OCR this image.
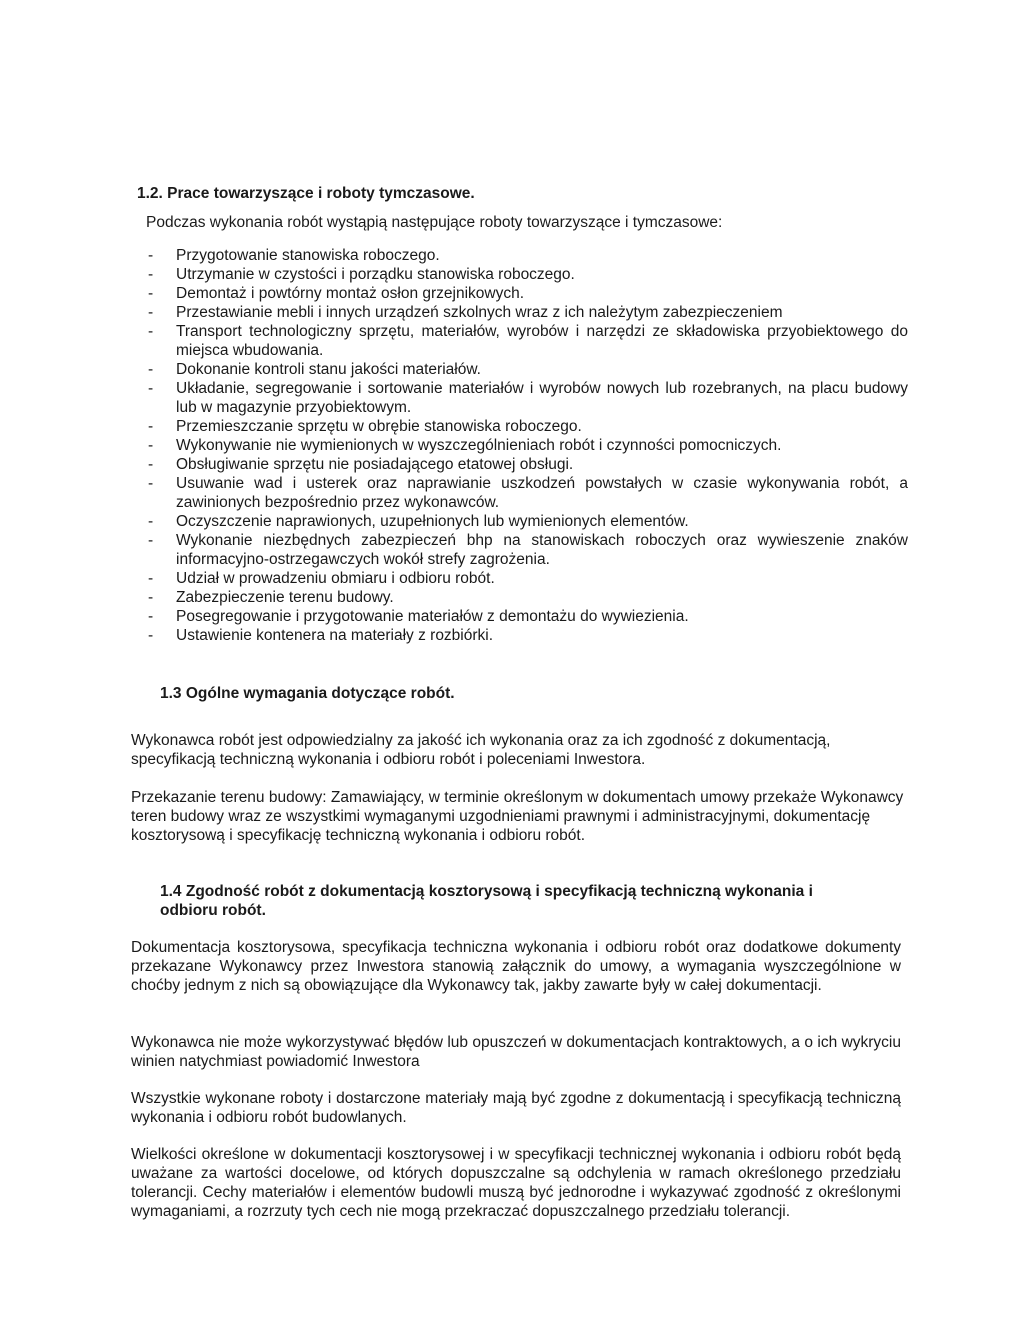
1.2. Prace towarzyszące i roboty tymczasowe.
Podczas wykonania robót wystąpią następujące roboty towarzyszące i tymczasowe:
- Przygotowanie stanowiska roboczego.
- Utrzymanie w czystości i porządku stanowiska roboczego.
- Demontaż i powtórny montaż osłon grzejnikowych.
- Przestawianie mebli i innych urządzeń szkolnych wraz z ich należytym zabezpieczeniem
- Transport technologiczny sprzętu, materiałów, wyrobów i narzędzi ze składowiska przyobiektowego do miejsca wbudowania.
- Dokonanie kontroli stanu jakości materiałów.
- Układanie, segregowanie i sortowanie materiałów i wyrobów nowych lub rozebranych, na placu budowy lub w magazynie przyobiektowym.
- Przemieszczanie sprzętu w obrębie stanowiska roboczego.
- Wykonywanie nie wymienionych w wyszczególnieniach robót i czynności pomocniczych.
- Obsługiwanie sprzętu nie posiadającego etatowej obsługi.
- Usuwanie wad i usterek oraz naprawianie uszkodzeń powstałych w czasie wykonywania robót, a zawinionych bezpośrednio przez wykonawców.
- Oczyszczenie naprawionych, uzupełnionych lub wymienionych elementów.
- Wykonanie niezbędnych zabezpieczeń bhp na stanowiskach roboczych oraz wywieszenie znaków informacyjno-ostrzegawczych wokół strefy zagrożenia.
- Udział w prowadzeniu obmiaru i odbioru robót.
- Zabezpieczenie terenu budowy.
- Posegregowanie i przygotowanie materiałów z demontażu do wywiezienia.
- Ustawienie kontenera na materiały z rozbiórki.
1.3 Ogólne wymagania dotyczące robót.

Wykonawca robót jest odpowiedzialny za jakość ich wykonania oraz za ich zgodność z dokumentacją, specyfikacją techniczną wykonania i odbioru robót i poleceniami Inwestora.

Przekazanie terenu budowy: Zamawiający, w terminie określonym w dokumentach umowy przekaże Wykonawcy teren budowy wraz ze wszystkimi wymaganymi uzgodnieniami prawnymi i administracyjnymi, dokumentację kosztorysową i specyfikację techniczną wykonania i odbioru robót.

1.4 Zgodność robót z dokumentacją kosztorysową i specyfikacją techniczną wykonania i
odbioru robót.

Dokumentacja kosztorysowa, specyfikacja techniczna wykonania i odbioru robót oraz dodatkowe dokumenty przekazane Wykonawcy przez Inwestora stanowią załącznik do umowy, a wymagania wyszczególnione w choćby jednym z nich są obowiązujące dla Wykonawcy tak, jakby zawarte były w całej dokumentacji.

Wykonawca nie może wykorzystywać błędów lub opuszczeń w dokumentacjach kontraktowych, a o ich wykryciu winien natychmiast powiadomić Inwestora

Wszystkie wykonane roboty i dostarczone materiały mają być zgodne z dokumentacją i specyfikacją techniczną wykonania i odbioru robót budowlanych.

Wielkości określone w dokumentacji kosztorysowej i w specyfikacji technicznej wykonania i odbioru robót będą uważane za wartości docelowe, od których dopuszczalne są odchylenia w ramach określonego przedziału tolerancji. Cechy materiałów i elementów budowli muszą być jednorodne i wykazywać zgodność z określonymi wymaganiami, a rozrzuty tych cech nie mogą przekraczać dopuszczalnego przedziału tolerancji.
